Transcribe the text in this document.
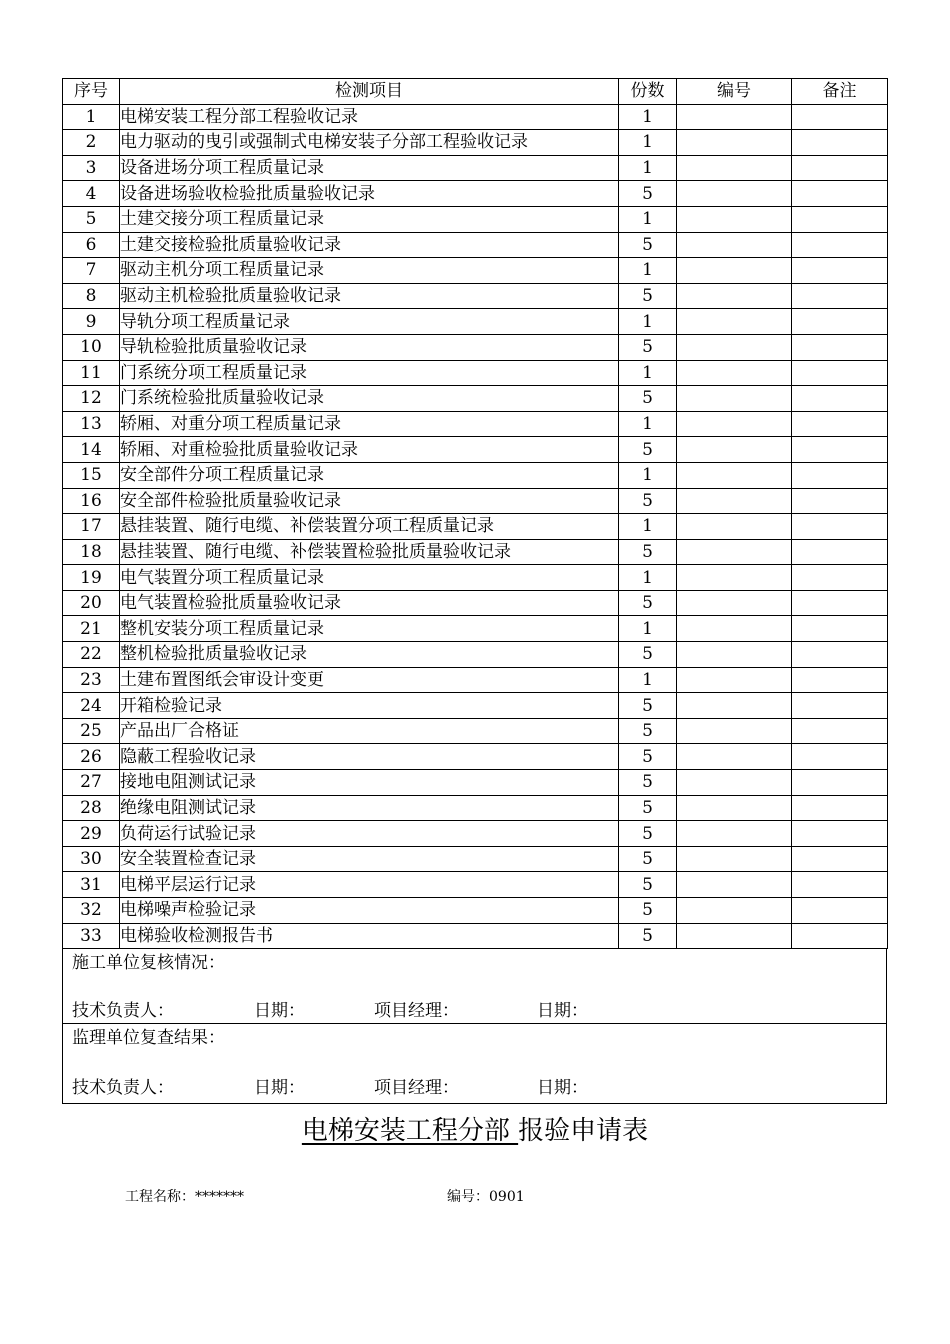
序号	检测项目	份数	编号	备注
1	电梯安装工程分部工程验收记录	1		
2	电力驱动的曳引或强制式电梯安装子分部工程验收记录	1		
3	设备进场分项工程质量记录	1		
4	设备进场验收检验批质量验收记录	5		
5	土建交接分项工程质量记录	1		
6	土建交接检验批质量验收记录	5		
7	驱动主机分项工程质量记录	1		
8	驱动主机检验批质量验收记录	5		
9	导轨分项工程质量记录	1		
10	导轨检验批质量验收记录	5		
11	门系统分项工程质量记录	1		
12	门系统检验批质量验收记录	5		
13	轿厢、对重分项工程质量记录	1		
14	轿厢、对重检验批质量验收记录	5		
15	安全部件分项工程质量记录	1		
16	安全部件检验批质量验收记录	5		
17	悬挂装置、随行电缆、补偿装置分项工程质量记录	1		
18	悬挂装置、随行电缆、补偿装置检验批质量验收记录	5		
19	电气装置分项工程质量记录	1		
20	电气装置检验批质量验收记录	5		
21	整机安装分项工程质量记录	1		
22	整机检验批质量验收记录	5		
23	土建布置图纸会审设计变更	1		
24	开箱检验记录	5		
25	产品出厂合格证	5		
26	隐蔽工程验收记录	5		
27	接地电阻测试记录	5		
28	绝缘电阻测试记录	5		
29	负荷运行试验记录	5		
30	安全装置检查记录	5		
31	电梯平层运行记录	5		
32	电梯噪声检验记录	5		
33	电梯验收检测报告书	5		
施工单位复核情况：
技术负责人：	日期：	项目经理：	日期：
监理单位复查结果：
技术负责人：	日期：	项目经理：	日期：
电梯安装工程分部 报验申请表
工程名称：*******	编号：0901
